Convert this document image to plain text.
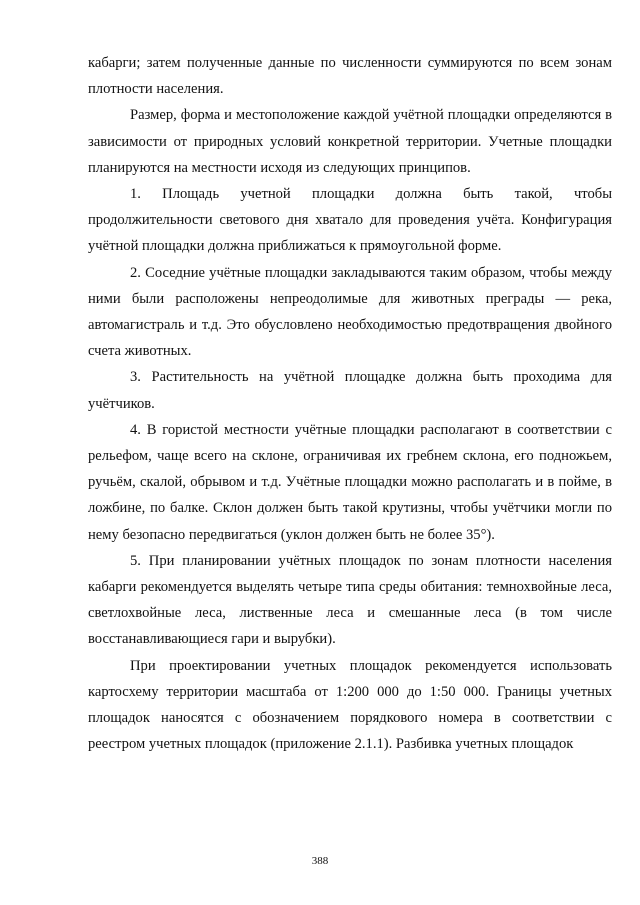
кабарги; затем полученные данные по численности суммируются по всем зонам плотности населения.

Размер, форма и местоположение каждой учётной площадки определяются в зависимости от природных условий конкретной территории. Учетные площадки планируются на местности исходя из следующих принципов.

1. Площадь учетной площадки должна быть такой, чтобы продолжительности светового дня хватало для проведения учёта. Конфигурация учётной площадки должна приближаться к прямоугольной форме.

2. Соседние учётные площадки закладываются таким образом, чтобы между ними были расположены непреодолимые для животных преграды — река, автомагистраль и т.д. Это обусловлено необходимостью предотвращения двойного счета животных.

3. Растительность на учётной площадке должна быть проходима для учётчиков.

4. В гористой местности учётные площадки располагают в соответствии с рельефом, чаще всего на склоне, ограничивая их гребнем склона, его подножьем, ручьём, скалой, обрывом и т.д. Учётные площадки можно располагать и в пойме, в ложбине, по балке. Склон должен быть такой крутизны, чтобы учётчики могли по нему безопасно передвигаться (уклон должен быть не более 35°).

5. При планировании учётных площадок по зонам плотности населения кабарги рекомендуется выделять четыре типа среды обитания: темнохвойные леса, светлохвойные леса, лиственные леса и смешанные леса (в том числе восстанавливающиеся гари и вырубки).

При проектировании учетных площадок рекомендуется использовать картосхему территории масштаба от 1:200 000 до 1:50 000. Границы учетных площадок наносятся с обозначением порядкового номера в соответствии с реестром учетных площадок (приложение 2.1.1). Разбивка учетных площадок

388
